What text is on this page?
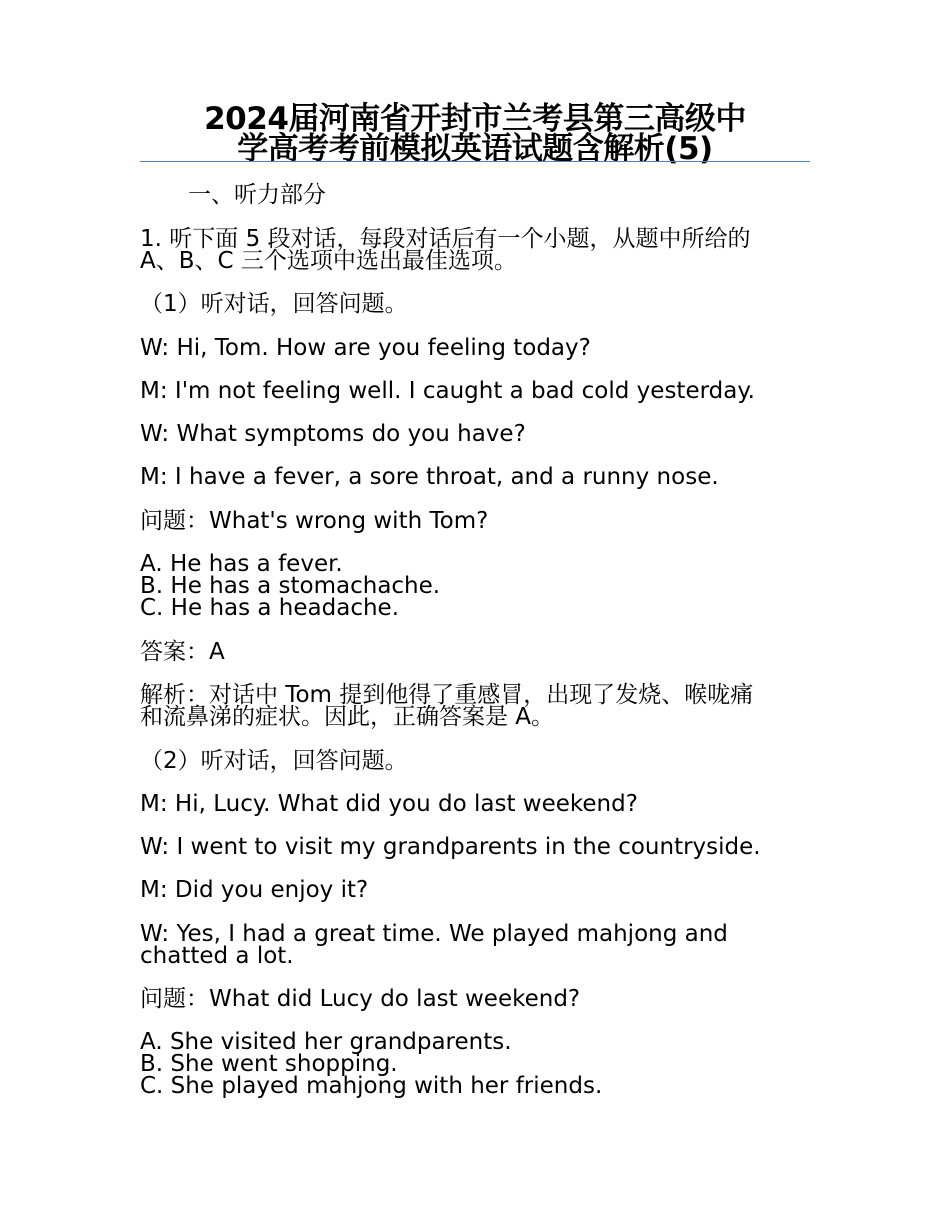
2024届河南省开封市兰考县第三高级中
学高考考前模拟英语试题含解析(5)

一、听力部分

1. 听下面 5 段对话，每段对话后有一个小题，从题中所给的

A、B、C 三个选项中选出最佳选项。

（1）听对话，回答问题。

W: Hi, Tom. How are you feeling today?

M: I'm not feeling well. I caught a bad cold yesterday.

W: What symptoms do you have?

M: I have a fever, a sore throat, and a runny nose.

问题：What's wrong with Tom?

A. He has a fever.

B. He has a stomachache.

C. He has a headache.

答案：A

解析：对话中 Tom 提到他得了重感冒，出现了发烧、喉咙痛

和流鼻涕的症状。因此，正确答案是 A。

（2）听对话，回答问题。

M: Hi, Lucy. What did you do last weekend?

W: I went to visit my grandparents in the countryside.

M: Did you enjoy it?

W: Yes, I had a great time. We played mahjong and

chatted a lot.

问题：What did Lucy do last weekend?

A. She visited her grandparents.

B. She went shopping.

C. She played mahjong with her friends.
